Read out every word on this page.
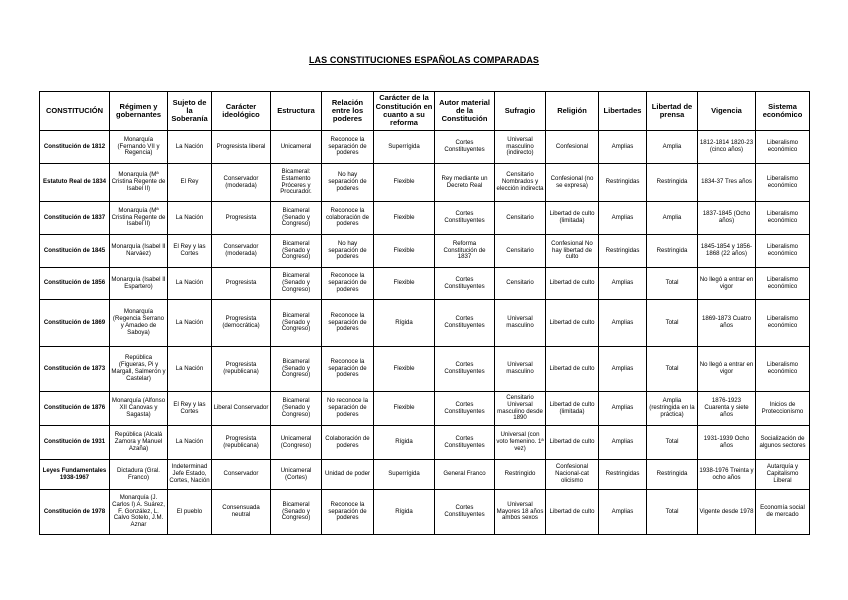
LAS CONSTITUCIONES ESPAÑOLAS COMPARADAS
CONSTITUCIÓN	Régimen y gobernantes	Sujeto de la Soberanía	Carácter ideológico	Estructura	Relación entre los poderes	Carácter de la Constitución en cuanto a su reforma	Autor material de la Constitución	Sufragio	Religión	Libertades	Libertad de prensa	Vigencia	Sistema económico
Constitución de 1812	Monarquía (Fernando VII y Regencia)	La Nación	Progresista liberal	Unicameral	Reconoce la separación de poderes	Superrígida	Cortes Constituyentes	Universal masculino (indirecto)	Confesional	Amplias	Amplia	1812-1814 1820-23 (cinco años)	Liberalismo económico
Estatuto Real de 1834	Monarquía (Mª Cristina Regente de Isabel II)	El Rey	Conservador (moderada)	Bicameral: Estamento Próceres y Procurador.	No hay separación de poderes	Flexible	Rey mediante un Decreto Real	Censitario Nombrados y elección indirecta	Confesional (no se expresa)	Restringidas	Restringida	1834-37 Tres años	Liberalismo económico
Constitución de 1837	Monarquía (Mª Cristina Regente de Isabel II)	La Nación	Progresista	Bicameral (Senado y Congreso)	Reconoce la colaboración de poderes	Flexible	Cortes Constituyentes	Censitario	Libertad de culto (limitada)	Amplias	Amplia	1837-1845 (Ocho años)	Liberalismo económico
Constitución de 1845	Monarquía (Isabel II Narváez)	El Rey y las Cortes	Conservador (moderada)	Bicameral (Senado y Congreso)	No hay separación de poderes	Flexible	Reforma Constitución de 1837	Censitario	Confesional No hay libertad de culto	Restringidas	Restringida	1845-1854 y 1856-1868 (22 años)	Liberalismo económico
Constitución de 1856	Monarquía (Isabel II Espartero)	La Nación	Progresista	Bicameral (Senado y Congreso)	Reconoce la separación de poderes	Flexible	Cortes Constituyentes	Censitario	Libertad de culto	Amplias	Total	No llegó a entrar en vigor	Liberalismo económico
Constitución de 1869	Monarquía (Regencia Serrano y Amadeo de Saboya)	La Nación	Progresista (democrática)	Bicameral (Senado y Congreso)	Reconoce la separación de poderes	Rígida	Cortes Constituyentes	Universal masculino	Libertad de culto	Amplias	Total	1869-1873 Cuatro años	Liberalismo económico
Constitución de 1873	República (Figueras, Pi y Margall, Salmerón y Castelar)	La Nación	Progresista (republicana)	Bicameral (Senado y Congreso)	Reconoce la separación de poderes	Flexible	Cortes Constituyentes	Universal masculino	Libertad de culto	Amplias	Total	No llegó a entrar en vigor	Liberalismo económico
Constitución de 1876	Monarquía (Alfonso XII Canovas y Sagasta)	El Rey y las Cortes	Liberal Conservador	Bicameral (Senado y Congreso)	No reconoce la separación de poderes	Flexible	Cortes Constituyentes	Censitario Universal masculino desde 1890	Libertad de culto (limitada)	Amplias	Amplia (restringida en la práctica)	1876-1923 Cuarenta y siete años	Inicios de Proteccionismo
Constitución de 1931	República (Alcalá Zamora y Manuel Azaña)	La Nación	Progresista (republicana)	Unicameral (Congreso)	Colaboración de poderes	Rígida	Cortes Constituyentes	Universal (con voto femenino. 1ª vez)	Libertad de culto	Amplias	Total	1931-1939 Ocho años	Socialización de algunos sectores
Leyes Fundamentales 1938-1967	Dictadura (Gral. Franco)	Indeterminad Jefe Estado, Cortes, Nación	Conservador	Unicameral (Cortes)	Unidad de poder	Superrígida	General Franco	Restringido	Confesional Nacional-cat olicismo	Restringidas	Restringida	1938-1976 Treinta y ocho años	Autarquía y Capitalismo Liberal
Constitución de 1978	Monarquía (J. Carlos I) A. Suárez, F. González, L. Calvo Sotelo, J.M. Aznar	El pueblo	Consensuada neutral	Bicameral (Senado y Congreso)	Reconoce la separación de poderes	Rígida	Cortes Constituyentes	Universal Mayores 18 años ambos sexos	Libertad de culto	Amplias	Total	Vigente desde 1978	Economía social de mercado
